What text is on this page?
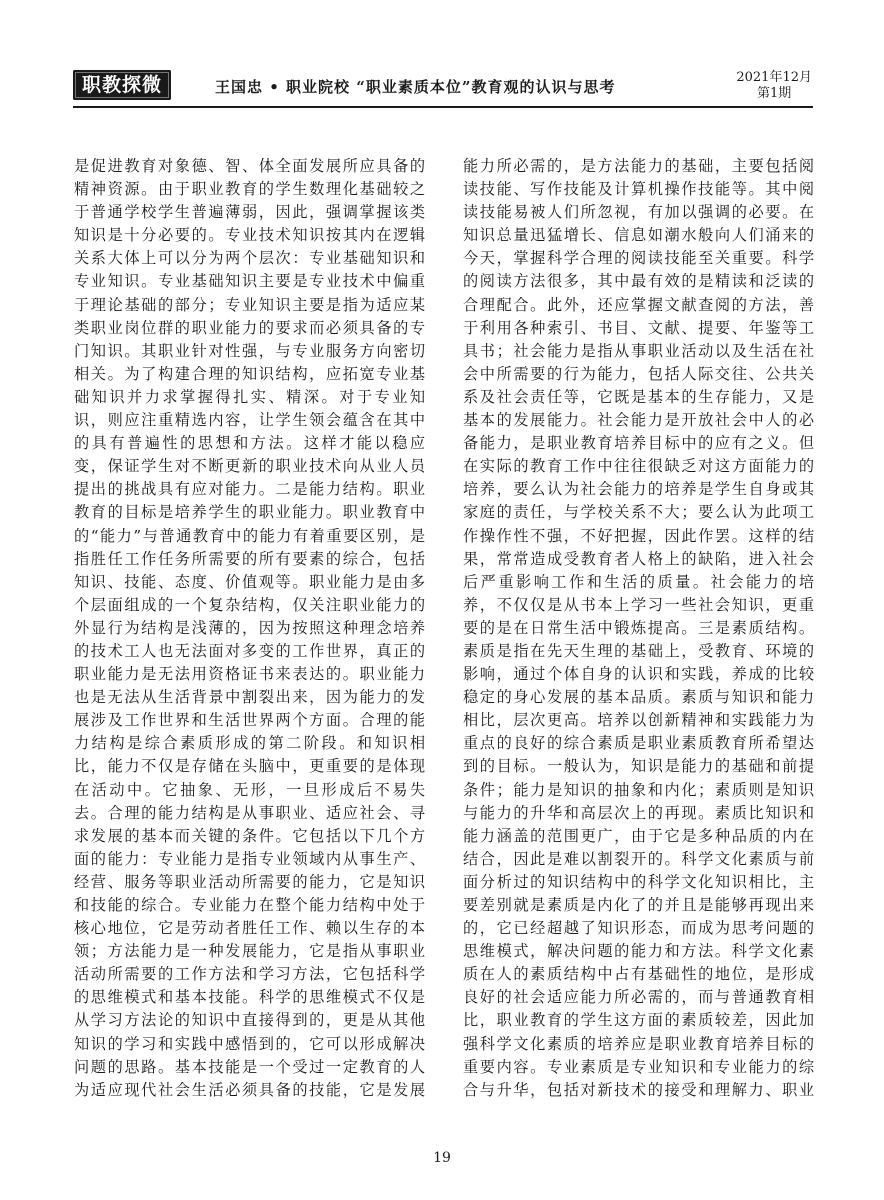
职教探微	王国忠 • 职业院校 “职业素质本位”教育观的认识与思考
2021年12月
第1期

是促进教育对象德、智、体全面发展所应具备的精神资源。由于职业教育的学生数理化基础较之于普通学校学生普遍薄弱，因此，强调掌握该类知识是十分必要的。专业技术知识按其内在逻辑关系大体上可以分为两个层次：专业基础知识和专业知识。专业基础知识主要是专业技术中偏重于理论基础的部分；专业知识主要是指为适应某类职业岗位群的职业能力的要求而必须具备的专门知识。其职业针对性强，与专业服务方向密切相关。为了构建合理的知识结构，应拓宽专业基础知识并力求掌握得扎实、精深。对于专业知识，则应注重精选内容，让学生领会蕴含在其中的具有普遍性的思想和方法。这样才能以稳应变，保证学生对不断更新的职业技术向从业人员提出的挑战具有应对能力。二是能力结构。职业教育的目标是培养学生的职业能力。职业教育中的“能力”与普通教育中的能力有着重要区别，是指胜任工作任务所需要的所有要素的综合，包括知识、技能、态度、价值观等。职业能力是由多个层面组成的一个复杂结构，仅关注职业能力的外显行为结构是浅薄的，因为按照这种理念培养的技术工人也无法面对多变的工作世界，真正的职业能力是无法用资格证书来表达的。职业能力也是无法从生活背景中割裂出来，因为能力的发展涉及工作世界和生活世界两个方面。合理的能力结构是综合素质形成的第二阶段。和知识相比，能力不仅是存储在头脑中，更重要的是体现在活动中。它抽象、无形，一旦形成后不易失去。合理的能力结构是从事职业、适应社会、寻求发展的基本而关键的条件。它包括以下几个方面的能力：专业能力是指专业领域内从事生产、经营、服务等职业活动所需要的能力，它是知识和技能的综合。专业能力在整个能力结构中处于核心地位，它是劳动者胜任工作、赖以生存的本领；方法能力是一种发展能力，它是指从事职业活动所需要的工作方法和学习方法，它包括科学的思维模式和基本技能。科学的思维模式不仅是从学习方法论的知识中直接得到的，更是从其他知识的学习和实践中感悟到的，它可以形成解决问题的思路。基本技能是一个受过一定教育的人为适应现代社会生活必须具备的技能，它是发展

能力所必需的，是方法能力的基础，主要包括阅读技能、写作技能及计算机操作技能等。其中阅读技能易被人们所忽视，有加以强调的必要。在知识总量迅猛增长、信息如潮水般向人们涌来的今天，掌握科学合理的阅读技能至关重要。科学的阅读方法很多，其中最有效的是精读和泛读的合理配合。此外，还应掌握文献查阅的方法，善于利用各种索引、书目、文献、提要、年鉴等工具书；社会能力是指从事职业活动以及生活在社会中所需要的行为能力，包括人际交往、公共关系及社会责任等，它既是基本的生存能力，又是基本的发展能力。社会能力是开放社会中人的必备能力，是职业教育培养目标中的应有之义。但在实际的教育工作中往往很缺乏对这方面能力的培养，要么认为社会能力的培养是学生自身或其家庭的责任，与学校关系不大；要么认为此项工作操作性不强，不好把握，因此作罢。这样的结果，常常造成受教育者人格上的缺陷，进入社会后严重影响工作和生活的质量。社会能力的培养，不仅仅是从书本上学习一些社会知识，更重要的是在日常生活中锻炼提高。三是素质结构。素质是指在先天生理的基础上，受教育、环境的影响，通过个体自身的认识和实践，养成的比较稳定的身心发展的基本品质。素质与知识和能力相比，层次更高。培养以创新精神和实践能力为重点的良好的综合素质是职业素质教育所希望达到的目标。一般认为，知识是能力的基础和前提条件；能力是知识的抽象和内化；素质则是知识与能力的升华和高层次上的再现。素质比知识和能力涵盖的范围更广，由于它是多种品质的内在结合，因此是难以割裂开的。科学文化素质与前面分析过的知识结构中的科学文化知识相比，主要差别就是素质是内化了的并且是能够再现出来的，它已经超越了知识形态，而成为思考问题的思维模式，解决问题的能力和方法。科学文化素质在人的素质结构中占有基础性的地位，是形成良好的社会适应能力所必需的，而与普通教育相比，职业教育的学生这方面的素质较差，因此加强科学文化素质的培养应是职业教育培养目标的重要内容。专业素质是专业知识和专业能力的综合与升华，包括对新技术的接受和理解力、职业

19
